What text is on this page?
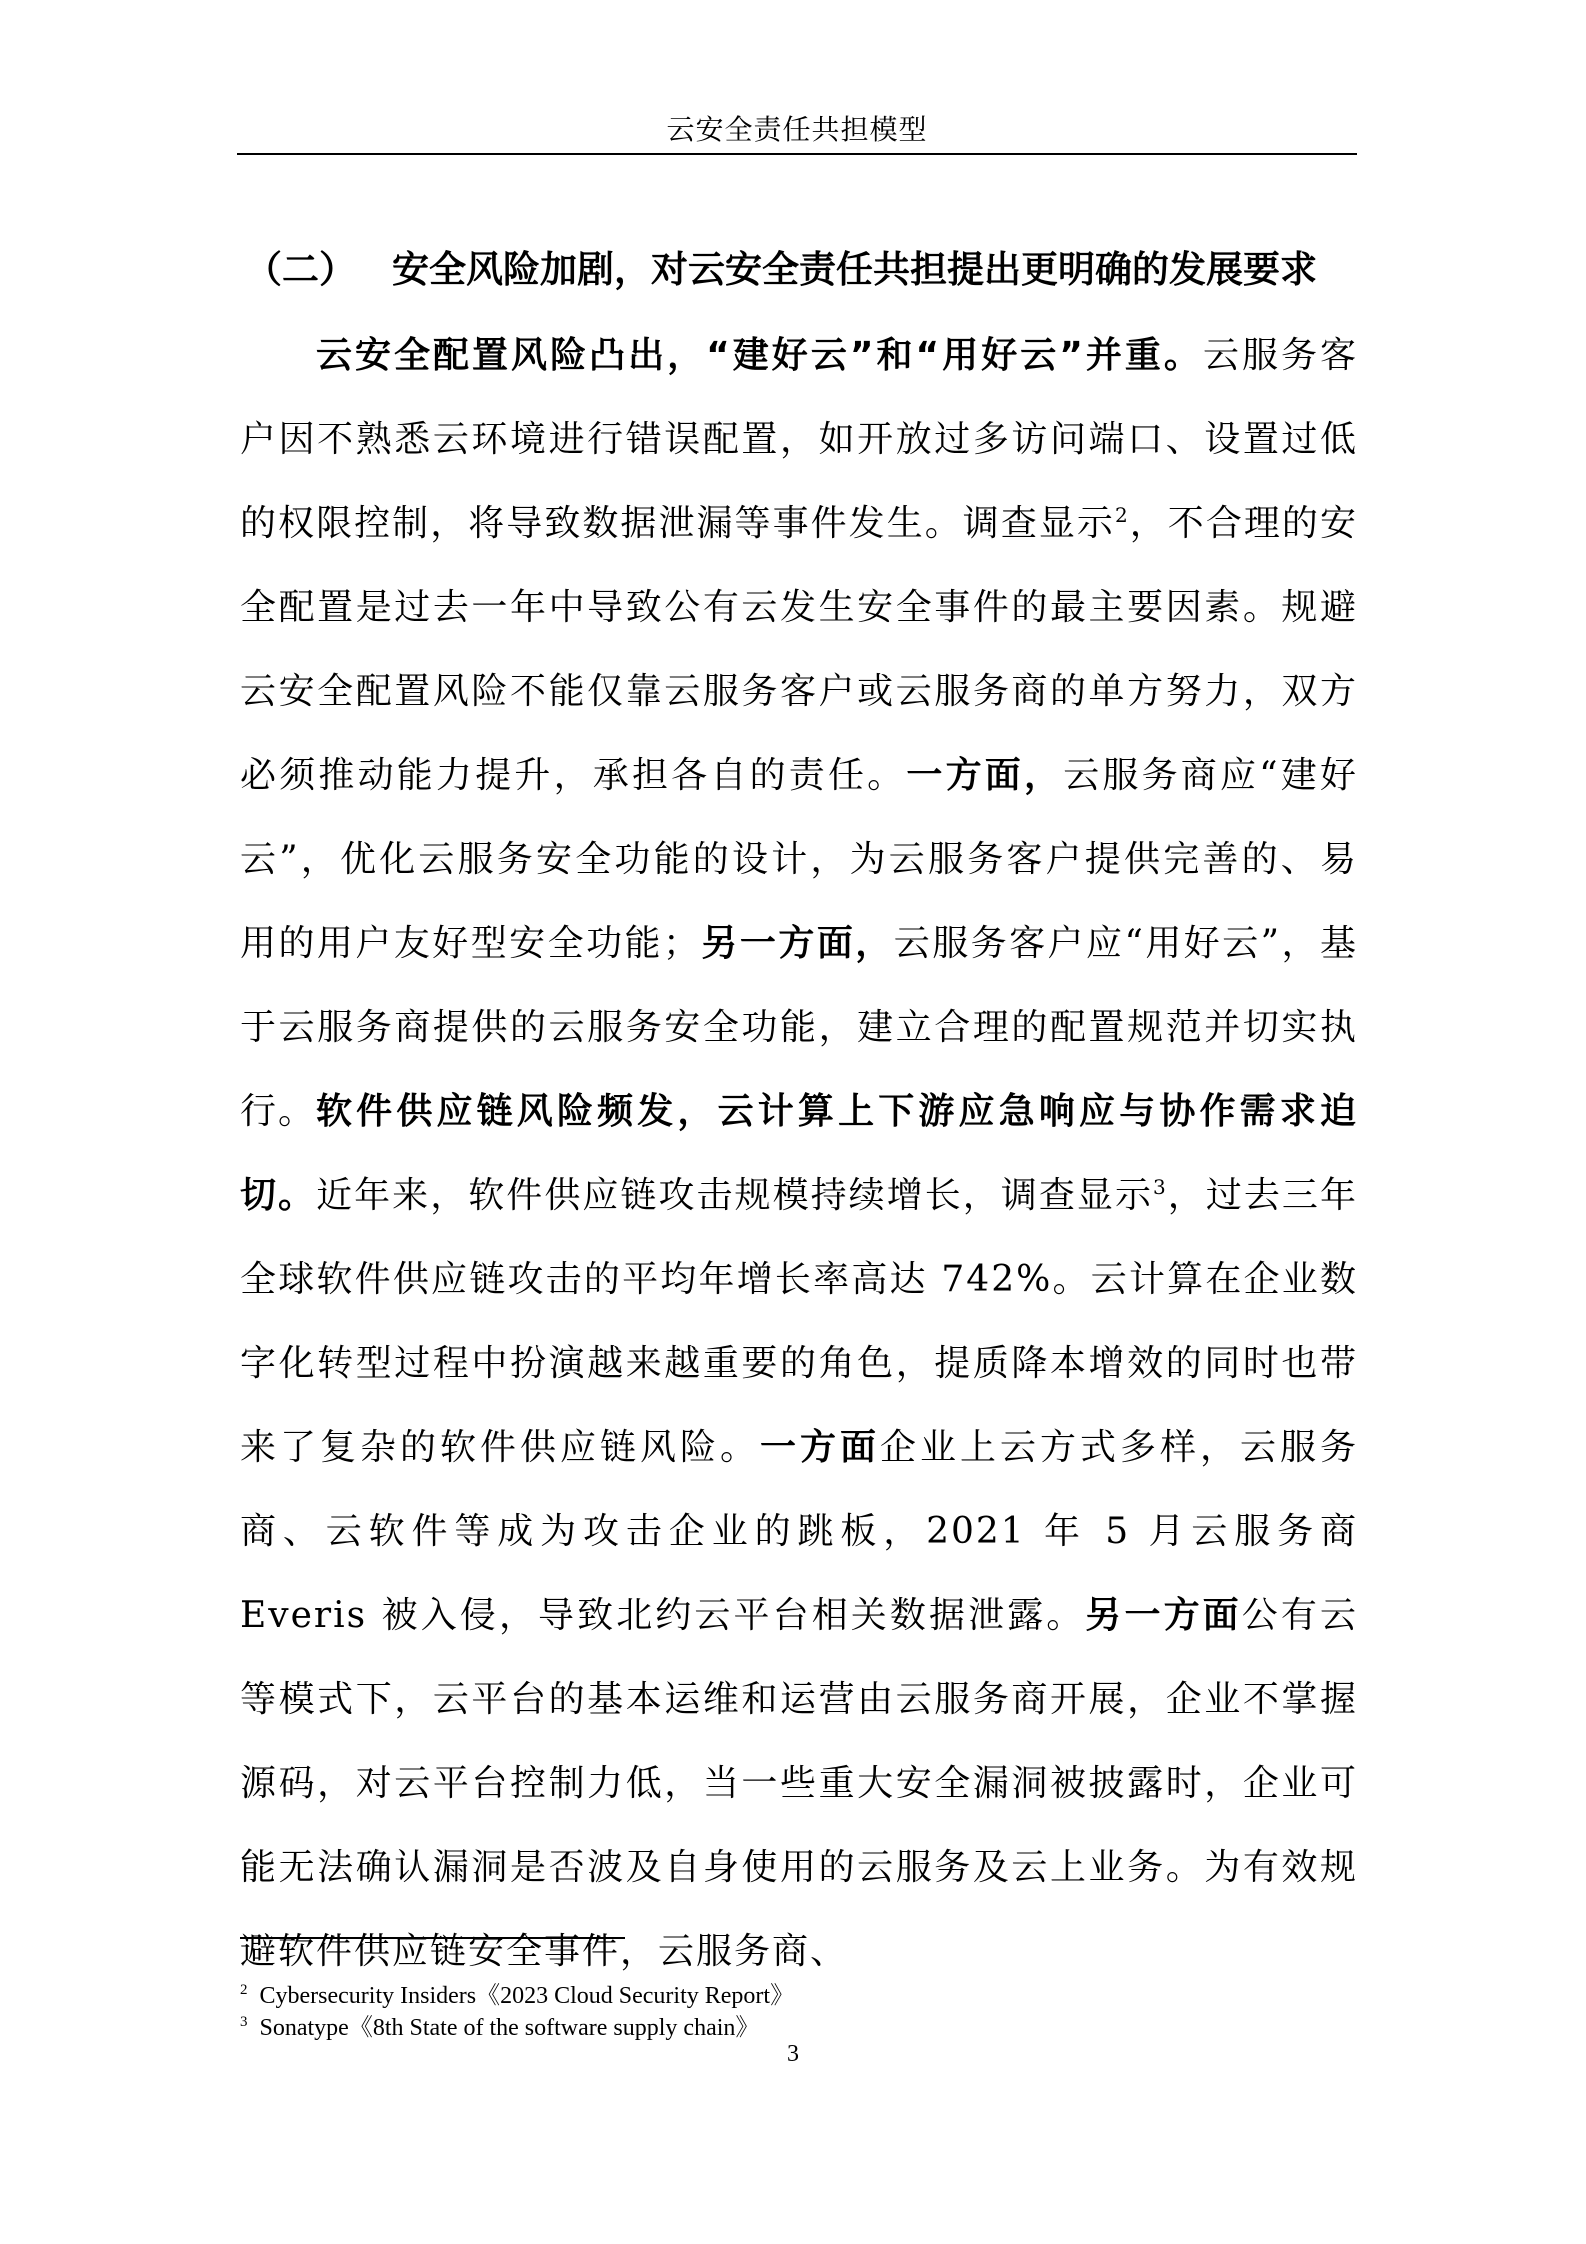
云安全责任共担模型
（二） 安全风险加剧，对云安全责任共担提出更明确的发展要求
云安全配置风险凸出，“建好云”和“用好云”并重。云服务客户因不熟悉云环境进行错误配置，如开放过多访问端口、设置过低的权限控制，将导致数据泄漏等事件发生。调查显示$^2$，不合理的安全配置是过去一年中导致公有云发生安全事件的最主要因素。规避云安全配置风险不能仅靠云服务客户或云服务商的单方努力，双方必须推动能力提升，承担各自的责任。一方面，云服务商应“建好云”，优化云服务安全功能的设计，为云服务客户提供完善的、易用的用户友好型安全功能；另一方面，云服务客户应“用好云”，基于云服务商提供的云服务安全功能，建立合理的配置规范并切实执行。 软件供应链风险频发，云计算上下游应急响应与协作需求迫切。近年来，软件供应链攻击规模持续增长，调查显示$^3$，过去三年全球软件供应链攻击的平均年增长率高达 742%。云计算在企业数字化转型过程中扮演越来越重要的角色，提质降本增效的同时也带来了复杂的软件供应链风险。一方面企业上云方式多样，云服务商、云软件等成为攻击企业的跳板，2021 年 5 月云服务商 Everis 被入侵，导致北约云平台相关数据泄露。另一方面公有云等模式下，云平台的基本运维和运营由云服务商开展，企业不掌握源码，对云平台控制力低，当一些重大安全漏洞被披露时，企业可能无法确认漏洞是否波及自身使用的云服务及云上业务。为有效规避软件供应链安全事件，云服务商、
$^2$ Cybersecurity Insiders《2023 Cloud Security Report》
$^3$ Sonatype《8th State of the software supply chain》
3
